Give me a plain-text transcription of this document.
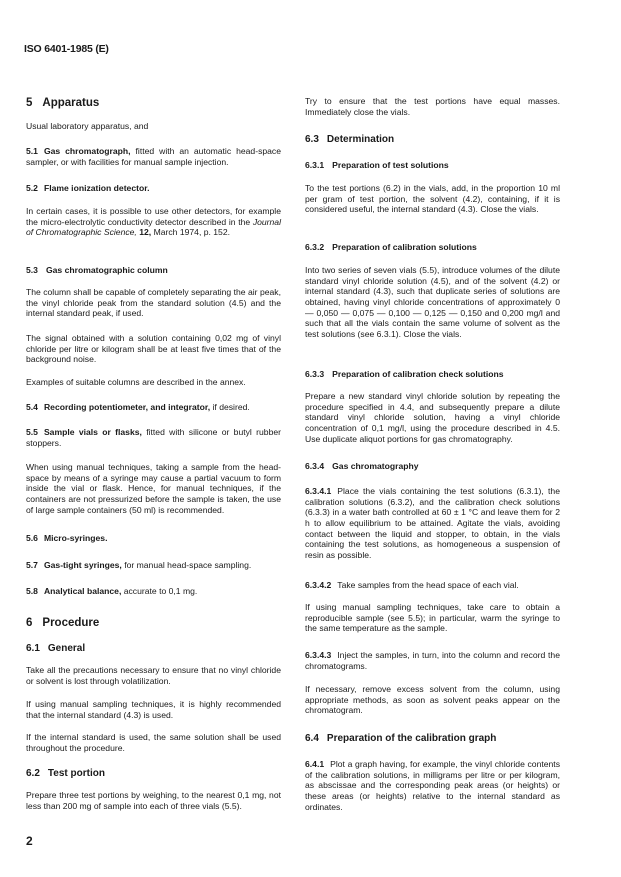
ISO 6401-1985 (E)
5 Apparatus

Usual laboratory apparatus, and

5.1 Gas chromatograph, fitted with an automatic head-space sampler, or with facilities for manual sample injection.

5.2 Flame ionization detector.

In certain cases, it is possible to use other detectors, for example the micro-electrolytic conductivity detector described in the Journal of Chromatographic Science, 12, March 1974, p. 152.

5.3 Gas chromatographic column

The column shall be capable of completely separating the air peak, the vinyl chloride peak from the standard solution (4.5) and the internal standard peak, if used.

The signal obtained with a solution containing 0,02 mg of vinyl chloride per litre or kilogram shall be at least five times that of the background noise.

Examples of suitable columns are described in the annex.

5.4 Recording potentiometer, and integrator, if desired.

5.5 Sample vials or flasks, fitted with silicone or butyl rubber stoppers.

When using manual techniques, taking a sample from the head-space by means of a syringe may cause a partial vacuum to form inside the vial or flask. Hence, for manual techniques, if the containers are not pressurized before the sample is taken, the use of large sample containers (50 ml) is recommended.

5.6 Micro-syringes.

5.7 Gas-tight syringes, for manual head-space sampling.

5.8 Analytical balance, accurate to 0,1 mg.

6 Procedure
6.1 General

Take all the precautions necessary to ensure that no vinyl chloride or solvent is lost through volatilization.

If using manual sampling techniques, it is highly recommended that the internal standard (4.3) is used.

If the internal standard is used, the same solution shall be used throughout the procedure.

6.2 Test portion

Prepare three test portions by weighing, to the nearest 0,1 mg, not less than 200 mg of sample into each of three vials (5.5).

Try to ensure that the test portions have equal masses. Immediately close the vials.

6.3 Determination
6.3.1 Preparation of test solutions

To the test portions (6.2) in the vials, add, in the proportion 10 ml per gram of test portion, the solvent (4.2), containing, if it is considered useful, the internal standard (4.3). Close the vials.

6.3.2 Preparation of calibration solutions

Into two series of seven vials (5.5), introduce volumes of the dilute standard vinyl chloride solution (4.5), and of the solvent (4.2) or internal standard (4.3), such that duplicate series of solutions are obtained, having vinyl chloride concentrations of approximately 0 — 0,050 — 0,075 — 0,100 — 0,125 — 0,150 and 0,200 mg/l and such that all the vials contain the same volume of solvent as the test solutions (see 6.3.1). Close the vials.

6.3.3 Preparation of calibration check solutions

Prepare a new standard vinyl chloride solution by repeating the procedure specified in 4.4, and subsequently prepare a dilute standard vinyl chloride solution, having a vinyl chloride concentration of 0,1 mg/l, using the procedure described in 4.5. Use duplicate aliquot portions for gas chromatography.

6.3.4 Gas chromatography

6.3.4.1 Place the vials containing the test solutions (6.3.1), the calibration solutions (6.3.2), and the calibration check solutions (6.3.3) in a water bath controlled at 60 ± 1 °C and leave them for 2 h to allow equilibrium to be attained. Agitate the vials, avoiding contact between the liquid and stopper, to obtain, in the vials containing the test solutions, as homogeneous a suspension of resin as possible.

6.3.4.2 Take samples from the head space of each vial.

If using manual sampling techniques, take care to obtain a reproducible sample (see 5.5); in particular, warm the syringe to the same temperature as the sample.

6.3.4.3 Inject the samples, in turn, into the column and record the chromatograms.

If necessary, remove excess solvent from the column, using appropriate methods, as soon as solvent peaks appear on the chromatogram.

6.4 Preparation of the calibration graph

6.4.1 Plot a graph having, for example, the vinyl chloride contents of the calibration solutions, in milligrams per litre or per kilogram, as abscissae and the corresponding peak areas (or heights) or these areas (or heights) relative to the internal standard as ordinates.

2
